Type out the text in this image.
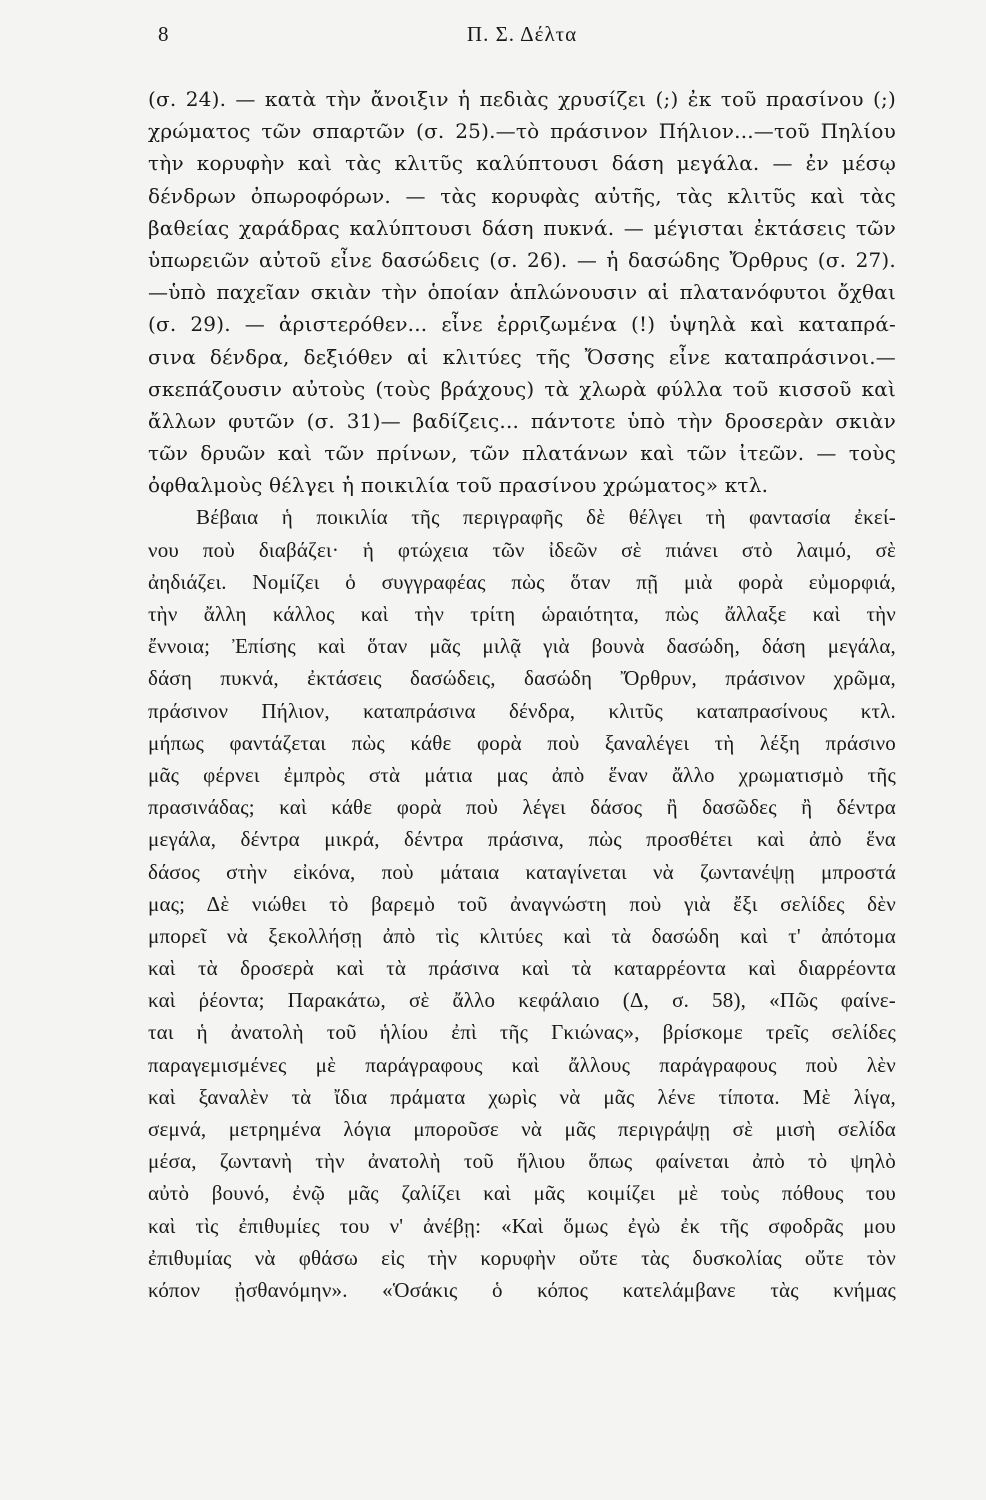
8	Π. Σ. Δέλτα
(σ. 24). — κατὰ τὴν ἄνοιξιν ἡ πεδιὰς χρυσίζει (;) ἐκ τοῦ πρασίνου (;)
χρώματος τῶν σπαρτῶν (σ. 25).—τὸ πράσινον Πήλιον...—τοῦ Πηλίου
τὴν κορυφὴν καὶ τὰς κλιτῦς καλύπτουσι δάση μεγάλα. — ἐν μέσῳ
δένδρων ὀπωροφόρων. — τὰς κορυφὰς αὐτῆς, τὰς κλιτῦς καὶ τὰς
βαθείας χαράδρας καλύπτουσι δάση πυκνά. — μέγισται ἐκτάσεις τῶν
ὑπωρειῶν αὐτοῦ εἶνε δασώδεις (σ. 26). — ἡ δασώδης Ὄρθρυς (σ. 27).
—ὑπὸ παχεῖαν σκιὰν τὴν ὁποίαν ἁπλώνουσιν αἱ πλατανόφυτοι ὄχθαι
(σ. 29). — ἀριστερόθεν... εἶνε ἐρριζωμένα (!) ὑψηλὰ καὶ καταπρά-
σινα δένδρα, δεξιόθεν αἱ κλιτύες τῆς Ὄσσης εἶνε καταπράσινοι.—
σκεπάζουσιν αὐτοὺς (τοὺς βράχους) τὰ χλωρὰ φύλλα τοῦ κισσοῦ καὶ
ἄλλων φυτῶν (σ. 31)— βαδίζεις... πάντοτε ὑπὸ τὴν δροσερὰν σκιὰν
τῶν δρυῶν καὶ τῶν πρίνων, τῶν πλατάνων καὶ τῶν ἰτεῶν. — τοὺς
ὀφθαλμοὺς θέλγει ἡ ποικιλία τοῦ πρασίνου χρώματος» κτλ.
Βέβαια ἡ ποικιλία τῆς περιγραφῆς δὲ θέλγει τὴ φαντασία ἐκεί-
νου ποὺ διαβάζει· ἡ φτώχεια τῶν ἰδεῶν σὲ πιάνει στὸ λαιμό, σὲ
ἀηδιάζει. Νομίζει ὁ συγγραφέας πὼς ὅταν πῇ μιὰ φορὰ εὐμορφιά,
τὴν ἄλλη κάλλος καὶ τὴν τρίτη ὡραιότητα, πὼς ἄλλαξε καὶ τὴν
ἔννοια; Ἐπίσης καὶ ὅταν μᾶς μιλᾷ γιὰ βουνὰ δασώδη, δάση μεγάλα,
δάση πυκνά, ἐκτάσεις δασώδεις, δασώδη Ὄρθρυν, πράσινον χρῶμα,
πράσινον Πήλιον, καταπράσινα δένδρα, κλιτῦς καταπρασίνους κτλ.
μήπως φαντάζεται πὼς κάθε φορὰ ποὺ ξαναλέγει τὴ λέξη πράσινο
μᾶς φέρνει ἐμπρὸς στὰ μάτια μας ἀπὸ ἕναν ἄλλο χρωματισμὸ τῆς
πρασινάδας; καὶ κάθε φορὰ ποὺ λέγει δάσος ἢ δασῶδες ἢ δέντρα
μεγάλα, δέντρα μικρά, δέντρα πράσινα, πὼς προσθέτει καὶ ἀπὸ ἕνα
δάσος στὴν εἰκόνα, ποὺ μάταια καταγίνεται νὰ ζωντανέψῃ μπροστά
μας; Δὲ νιώθει τὸ βαρεμὸ τοῦ ἀναγνώστη ποὺ γιὰ ἔξι σελίδες δὲν
μπορεῖ νὰ ξεκολλήσῃ ἀπὸ τὶς κλιτύες καὶ τὰ δασώδη καὶ τ' ἀπότομα
καὶ τὰ δροσερὰ καὶ τὰ πράσινα καὶ τὰ καταρρέοντα καὶ διαρρέοντα
καὶ ῥέοντα; Παρακάτω, σὲ ἄλλο κεφάλαιο (Δ, σ. 58), «Πῶς φαίνε-
ται ἡ ἀνατολὴ τοῦ ἡλίου ἐπὶ τῆς Γκιώνας», βρίσκομε τρεῖς σελίδες
παραγεμισμένες μὲ παράγραφους καὶ ἄλλους παράγραφους ποὺ λὲν
καὶ ξαναλὲν τὰ ἴδια πράματα χωρὶς νὰ μᾶς λένε τίποτα. Μὲ λίγα,
σεμνά, μετρημένα λόγια μποροῦσε νὰ μᾶς περιγράψῃ σὲ μισὴ σελίδα
μέσα, ζωντανὴ τὴν ἀνατολὴ τοῦ ἥλιου ὅπως φαίνεται ἀπὸ τὸ ψηλὸ
αὐτὸ βουνό, ἐνῷ μᾶς ζαλίζει καὶ μᾶς κοιμίζει μὲ τοὺς πόθους του
καὶ τὶς ἐπιθυμίες του ν' ἀνέβῃ: «Καὶ ὅμως ἐγὼ ἐκ τῆς σφοδρᾶς μου
ἐπιθυμίας νὰ φθάσω εἰς τὴν κορυφὴν οὔτε τὰς δυσκολίας οὔτε τὸν
κόπον ᾐσθανόμην». «Ὁσάκις ὁ κόπος κατελάμβανε τὰς κνήμας
